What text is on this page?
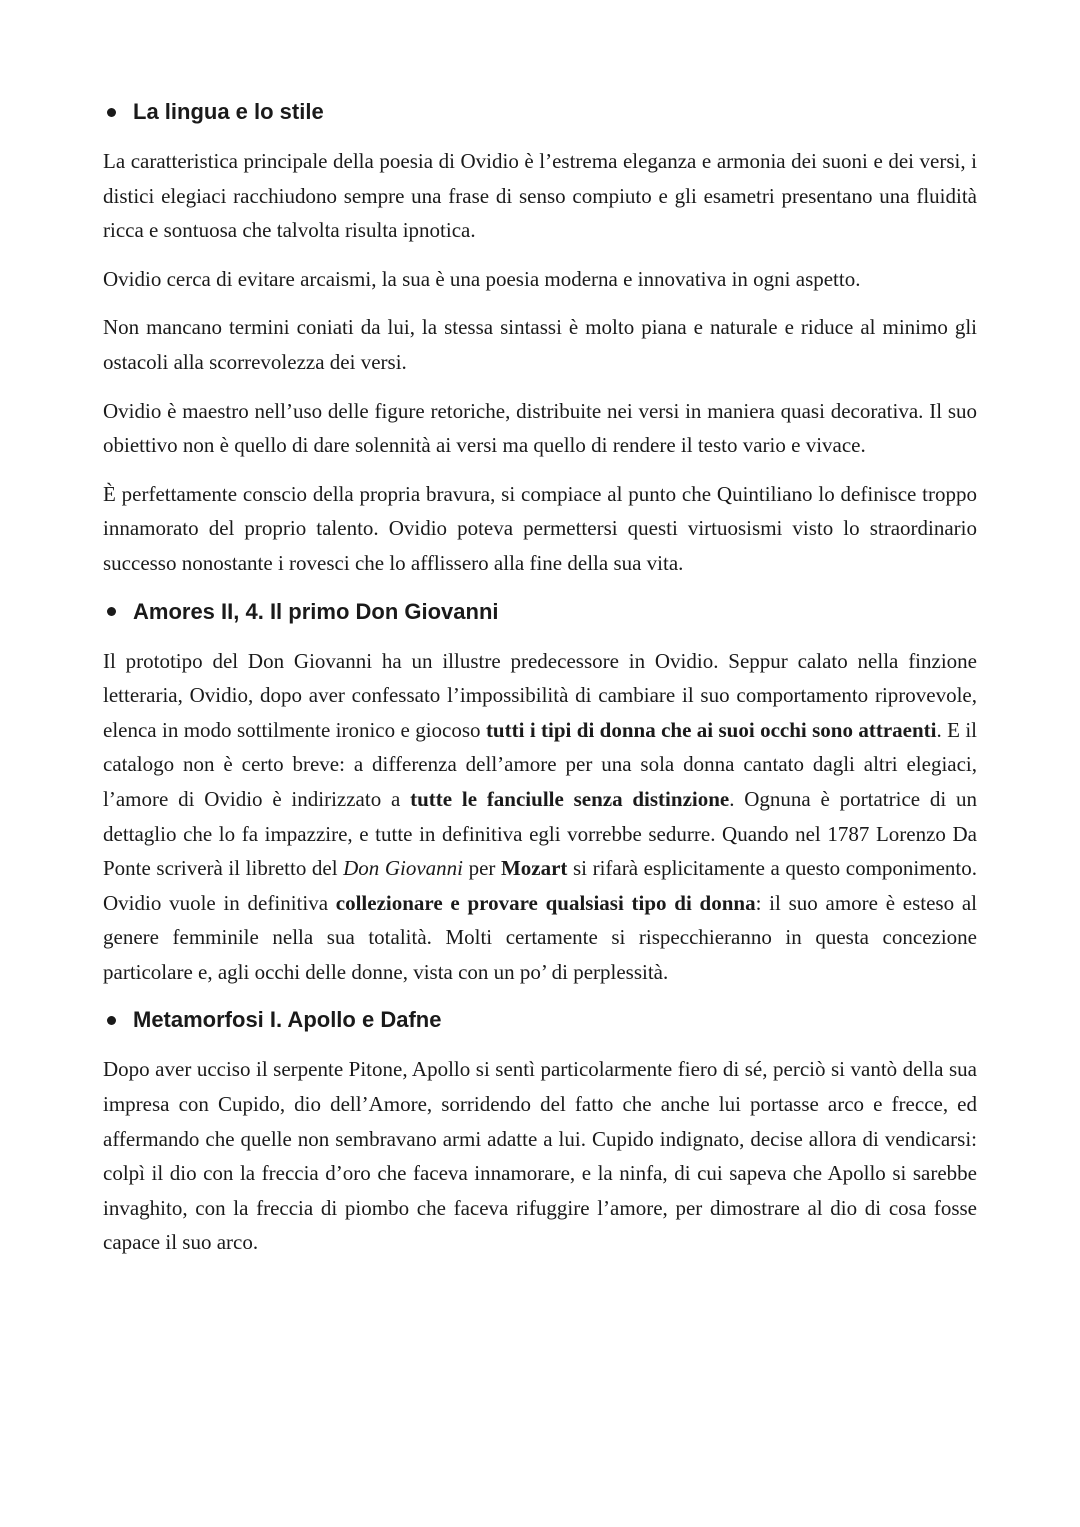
La lingua e lo stile

La caratteristica principale della poesia di Ovidio è l’estrema eleganza e armonia dei suoni e dei versi, i distici elegiaci racchiudono sempre una frase di senso compiuto e gli esametri presentano una fluidità ricca e sontuosa che talvolta risulta ipnotica.

Ovidio cerca di evitare arcaismi, la sua è una poesia moderna e innovativa in ogni aspetto.

Non mancano termini coniati da lui, la stessa sintassi è molto piana e naturale e riduce al minimo gli ostacoli alla scorrevolezza dei versi.

Ovidio è maestro nell’uso delle figure retoriche, distribuite nei versi in maniera quasi decorativa. Il suo obiettivo non è quello di dare solennità ai versi ma quello di rendere il testo vario e vivace.

È perfettamente conscio della propria bravura, si compiace al punto che Quintiliano lo definisce troppo innamorato del proprio talento. Ovidio poteva permettersi questi virtuosismi visto lo straordinario successo nonostante i rovesci che lo afflissero alla fine della sua vita.

Amores II, 4. Il primo Don Giovanni

Il prototipo del Don Giovanni ha un illustre predecessore in Ovidio. Seppur calato nella finzione letteraria, Ovidio, dopo aver confessato l’impossibilità di cambiare il suo comportamento riprovevole, elenca in modo sottilmente ironico e giocoso tutti i tipi di donna che ai suoi occhi sono attraenti. E il catalogo non è certo breve: a differenza dell’amore per una sola donna cantato dagli altri elegiaci, l’amore di Ovidio è indirizzato a tutte le fanciulle senza distinzione. Ognuna è portatrice di un dettaglio che lo fa impazzire, e tutte in definitiva egli vorrebbe sedurre. Quando nel 1787 Lorenzo Da Ponte scriverà il libretto del Don Giovanni per Mozart si rifarà esplicitamente a questo componimento. Ovidio vuole in definitiva collezionare e provare qualsiasi tipo di donna: il suo amore è esteso al genere femminile nella sua totalità. Molti certamente si rispecchieranno in questa concezione particolare e, agli occhi delle donne, vista con un po’ di perplessità.

Metamorfosi I. Apollo e Dafne

Dopo aver ucciso il serpente Pitone, Apollo si sentì particolarmente fiero di sé, perciò si vantò della sua impresa con Cupido, dio dell’Amore, sorridendo del fatto che anche lui portasse arco e frecce, ed affermando che quelle non sembravano armi adatte a lui. Cupido indignato, decise allora di vendicarsi: colpì il dio con la freccia d’oro che faceva innamorare, e la ninfa, di cui sapeva che Apollo si sarebbe invaghito, con la freccia di piombo che faceva rifuggire l’amore, per dimostrare al dio di cosa fosse capace il suo arco.
